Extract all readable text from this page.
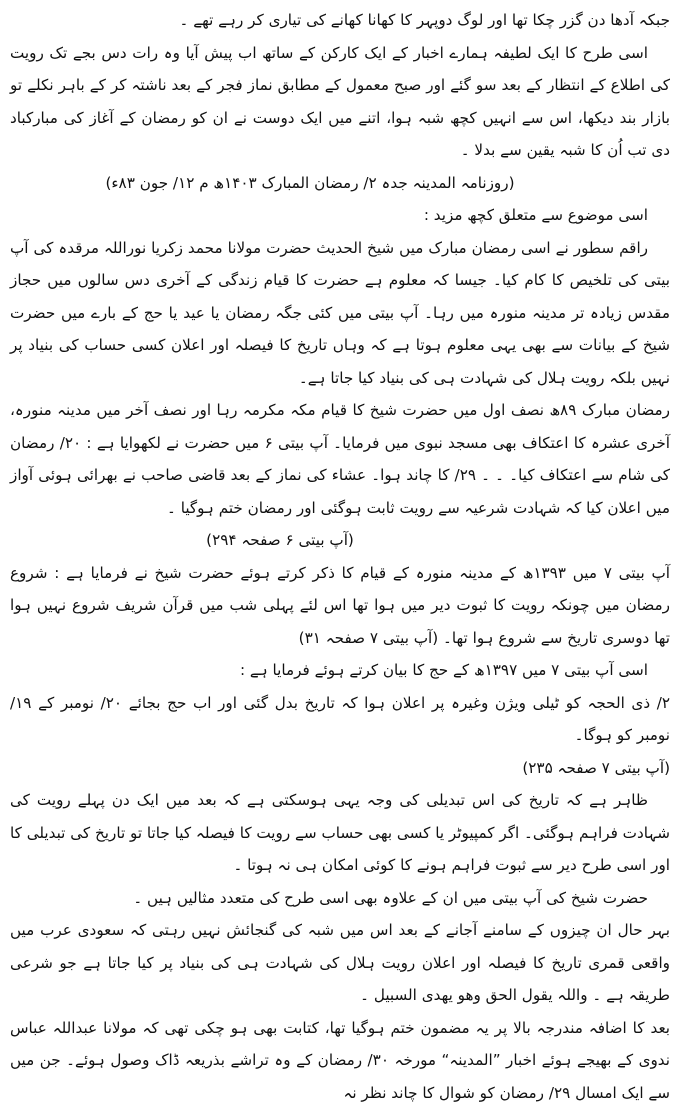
جبکہ آدھا دن گزر چکا تھا اور لوگ دوپہر کا کھانا کھانے کی تیاری کر رہے تھے ۔

اسی طرح کا ایک لطیفہ ہمارے اخبار کے ایک کارکن کے ساتھ اب پیش آیا وہ رات دس بجے تک رویت کی اطلاع کے انتظار کے بعد سو گئے اور صبح معمول کے مطابق نماز فجر کے بعد ناشتہ کر کے باہر نکلے تو بازار بند دیکھا، اس سے انہیں کچھ شبہ ہوا، اتنے میں ایک دوست نے ان کو رمضان کے آغاز کی مبارکباد دی تب اُن کا شبہ یقین سے بدلا ۔

(روزنامہ المدینہ جدہ ۲/ رمضان المبارک ۱۴۰۳ھ م ۱۲/ جون ۸۳ء)

اسی موضوع سے متعلق کچھ مزید :

راقم سطور نے اسی رمضان مبارک میں شیخ الحدیث حضرت مولانا محمد زکریا نوراللہ مرقدہ کی آپ بیتی کی تلخیص کا کام کیا۔ جیسا کہ معلوم ہے حضرت کا قیام زندگی کے آخری دس سالوں میں حجاز مقدس زیادہ تر مدینہ منورہ میں رہا۔ آپ بیتی میں کئی جگہ رمضان یا عید یا حج کے بارے میں حضرت شیخ کے بیانات سے بھی یہی معلوم ہوتا ہے کہ وہاں تاریخ کا فیصلہ اور اعلان کسی حساب کی بنیاد پر نہیں بلکہ رویت ہلال کی شہادت ہی کی بنیاد کیا جاتا ہے۔

رمضان مبارک ۸۹ھ نصف اول میں حضرت شیخ کا قیام مکہ مکرمہ رہا اور نصف آخر میں مدینہ منورہ، آخری عشرہ کا اعتکاف بھی مسجد نبوی میں فرمایا۔ آپ بیتی ۶ میں حضرت نے لکھوایا ہے : ۲۰/ رمضان کی شام سے اعتکاف کیا۔ ۔ ۔ ۲۹/ کا چاند ہوا۔ عشاء کی نماز کے بعد قاضی صاحب نے بھرائی ہوئی آواز میں اعلان کیا کہ شہادت شرعیہ سے رویت ثابت ہوگئی اور رمضان ختم ہوگیا ۔

(آپ بیتی ۶ صفحہ ۲۹۴)

آپ بیتی ۷ میں ۱۳۹۳ھ کے مدینہ منورہ کے قیام کا ذکر کرتے ہوئے حضرت شیخ نے فرمایا ہے : شروع رمضان میں چونکہ رویت کا ثبوت دیر میں ہوا تھا اس لئے پہلی شب میں قرآن شریف شروع نہیں ہوا تھا دوسری تاریخ سے شروع ہوا تھا۔ (آپ بیتی ۷ صفحہ ۳۱)

اسی آپ بیتی ۷ میں ۱۳۹۷ھ کے حج کا بیان کرتے ہوئے فرمایا ہے :

۲/ ذی الحجہ کو ٹیلی ویژن وغیرہ پر اعلان ہوا کہ تاریخ بدل گئی اور اب حج بجائے ۲۰/ نومبر کے ۱۹/ نومبر کو ہوگا۔

(آپ بیتی ۷ صفحہ ۲۳۵)

ظاہر ہے کہ تاریخ کی اس تبدیلی کی وجہ یہی ہوسکتی ہے کہ بعد میں ایک دن پہلے رویت کی شہادت فراہم ہوگئی۔ اگر کمپیوٹر یا کسی بھی حساب سے رویت کا فیصلہ کیا جاتا تو تاریخ کی تبدیلی کا اور اسی طرح دیر سے ثبوت فراہم ہونے کا کوئی امکان ہی نہ ہوتا ۔

حضرت شیخ کی آپ بیتی میں ان کے علاوہ بھی اسی طرح کی متعدد مثالیں ہیں ۔

بہر حال ان چیزوں کے سامنے آجانے کے بعد اس میں شبہ کی گنجائش نہیں رہتی کہ سعودی عرب میں واقعی قمری تاریخ کا فیصلہ اور اعلان رویت ہلال کی شہادت ہی کی بنیاد پر کیا جاتا ہے جو شرعی طریقہ ہے ۔ واللہ یقول الحق وھو یھدی السبیل ۔

بعد کا اضافہ مندرجہ بالا پر یہ مضمون ختم ہوگیا تھا، کتابت بھی ہو چکی تھی کہ مولانا عبداللہ عباس ندوی کے بھیجے ہوئے اخبار ”المدینہ“ مورخہ ۳۰/ رمضان کے وہ تراشے بذریعہ ڈاک وصول ہوئے۔ جن میں سے ایک امسال ۲۹/ رمضان کو شوال کا چاند نظر نہ
